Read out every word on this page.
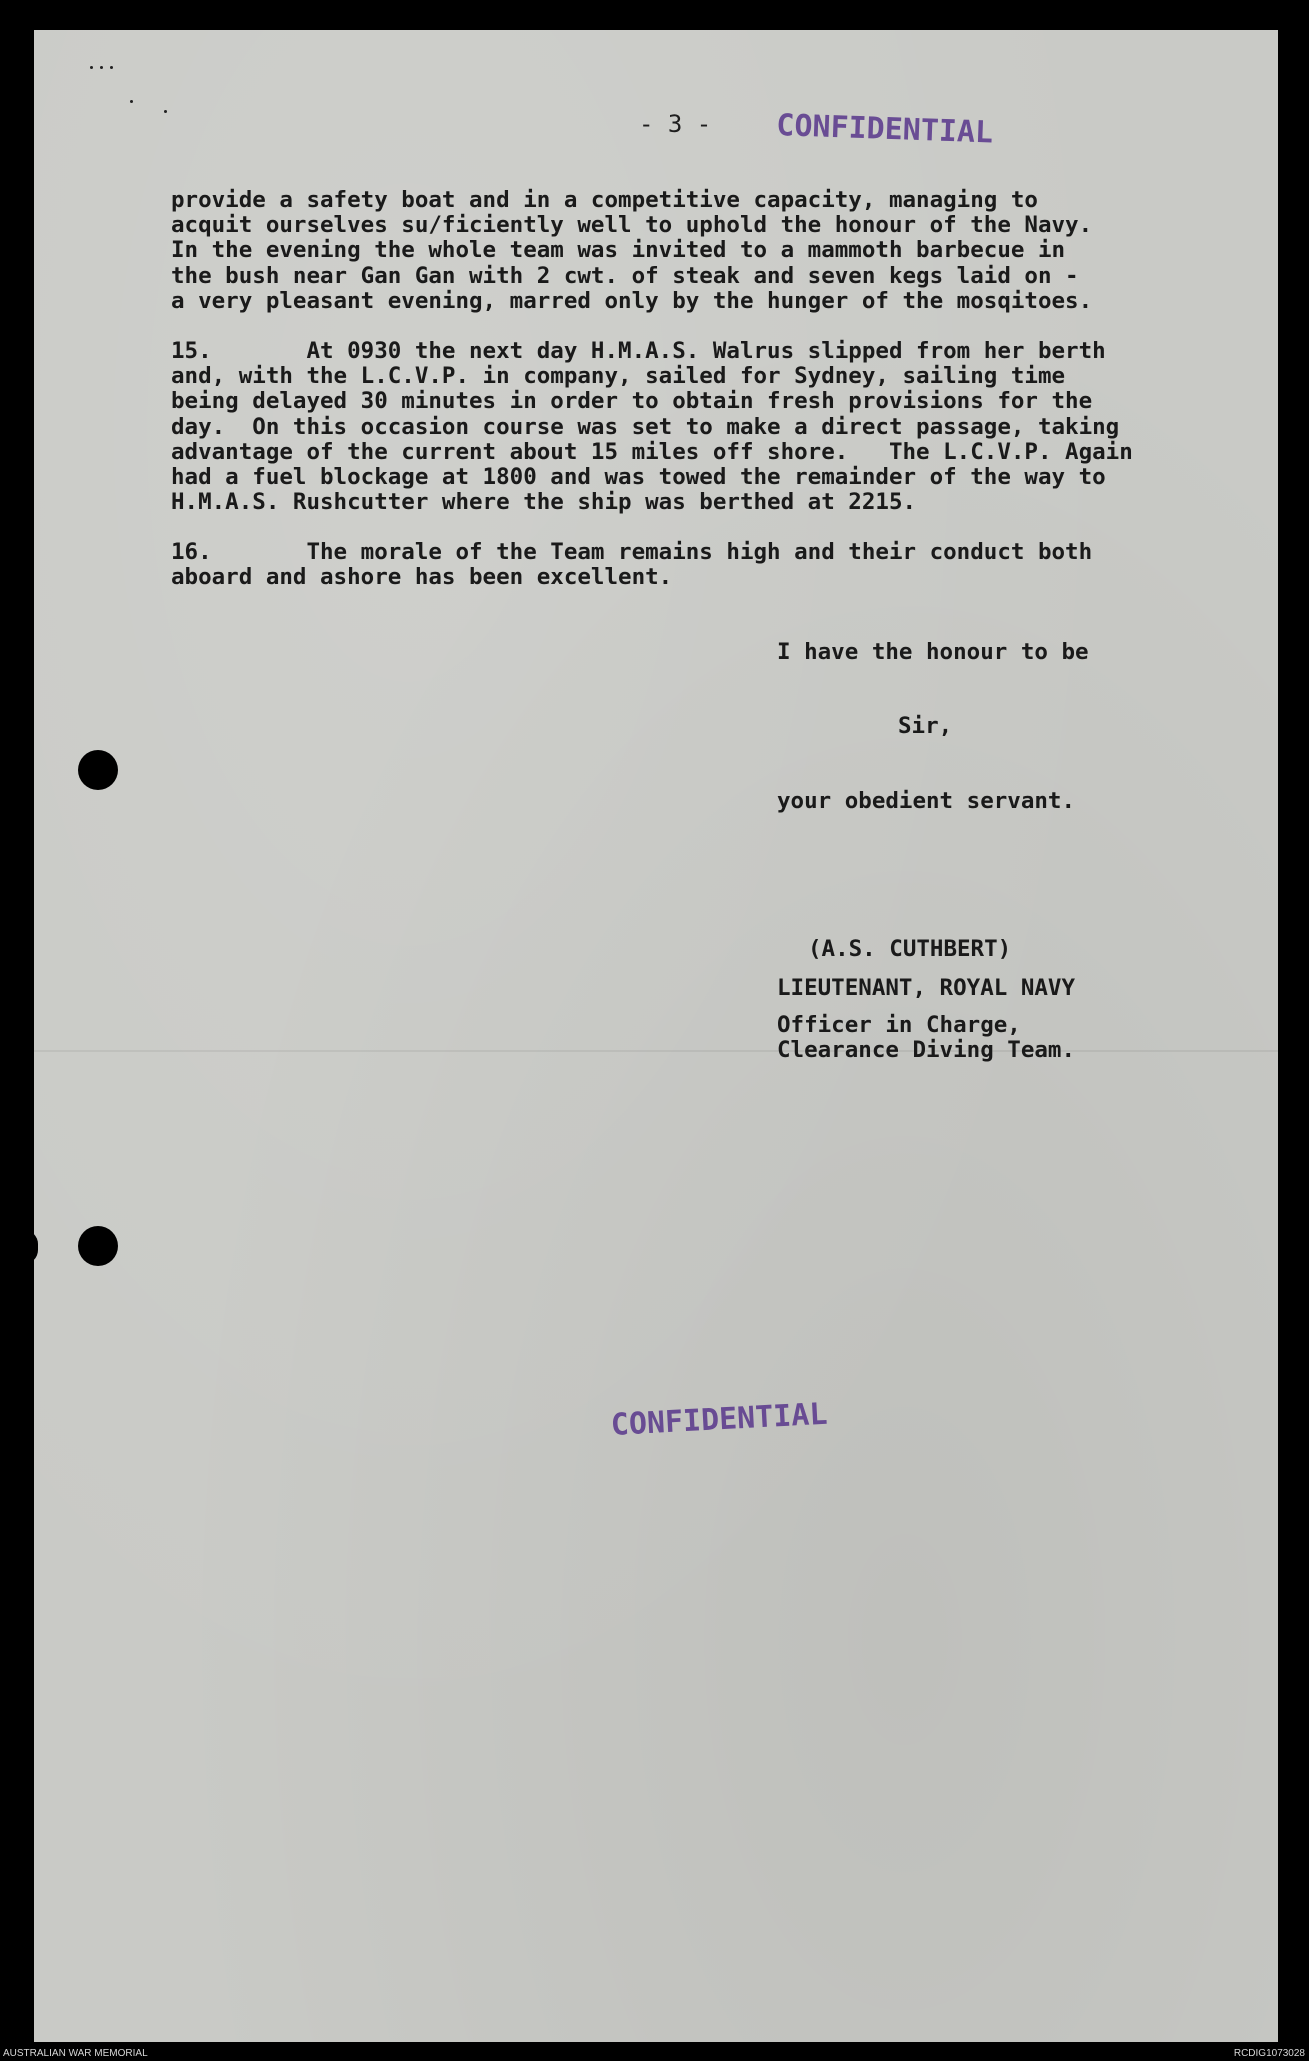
- 3 - CONFIDENTIAL
provide a safety boat and in a competitive capacity, managing to
acquit ourselves su/ficiently well to uphold the honour of the Navy.
In the evening the whole team was invited to a mammoth barbecue in
the bush near Gan Gan with 2 cwt. of steak and seven kegs laid on -
a very pleasant evening, marred only by the hunger of the mosqitoes.
15.       At 0930 the next day H.M.A.S. Walrus slipped from her berth
and, with the L.C.V.P. in company, sailed for Sydney, sailing time
being delayed 30 minutes in order to obtain fresh provisions for the
day.  On this occasion course was set to make a direct passage, taking
advantage of the current about 15 miles off shore.   The L.C.V.P. Again
had a fuel blockage at 1800 and was towed the remainder of the way to
H.M.A.S. Rushcutter where the ship was berthed at 2215.
16.       The morale of the Team remains high and their conduct both
aboard and ashore has been excellent.
I have the honour to be
Sir,
your obedient servant.
(A.S. CUTHBERT)
LIEUTENANT, ROYAL NAVY
Officer in Charge,
Clearance Diving Team.
CONFIDENTIAL
AUSTRALIAN WAR MEMORIAL	RCDIG1073028
